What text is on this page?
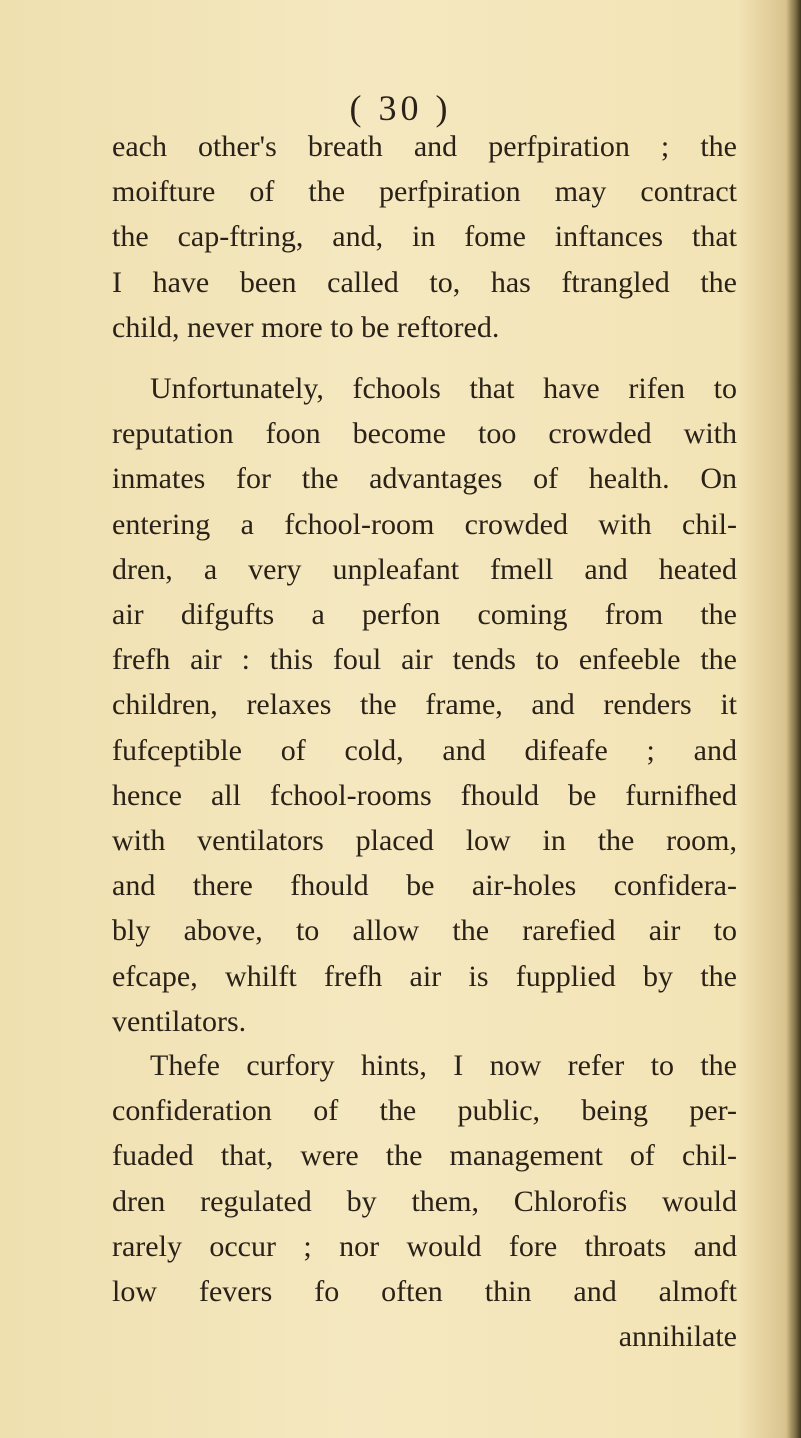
( 30 )
each other's breath and perfpiration ; the
moifture of the perfpiration may contract
the cap-ftring, and, in fome inftances that
I have been called to, has ftrangled the
child, never more to be reftored.
Unfortunately, fchools that have rifen to
reputation foon become too crowded with
inmates for the advantages of health. On
entering a fchool-room crowded with chil-
dren, a very unpleafant fmell and heated
air difgufts a perfon coming from the
frefh air : this foul air tends to enfeeble the
children, relaxes the frame, and renders it
fufceptible of cold, and difeafe ; and
hence all fchool-rooms fhould be furnifhed
with ventilators placed low in the room,
and there fhould be air-holes confidera-
bly above, to allow the rarefied air to
efcape, whilft frefh air is fupplied by the
ventilators.
Thefe curfory hints, I now refer to the
confideration of the public, being per-
fuaded that, were the management of chil-
dren regulated by them, Chlorofis would
rarely occur ; nor would fore throats and
low fevers fo often thin and almoft
annihilate
